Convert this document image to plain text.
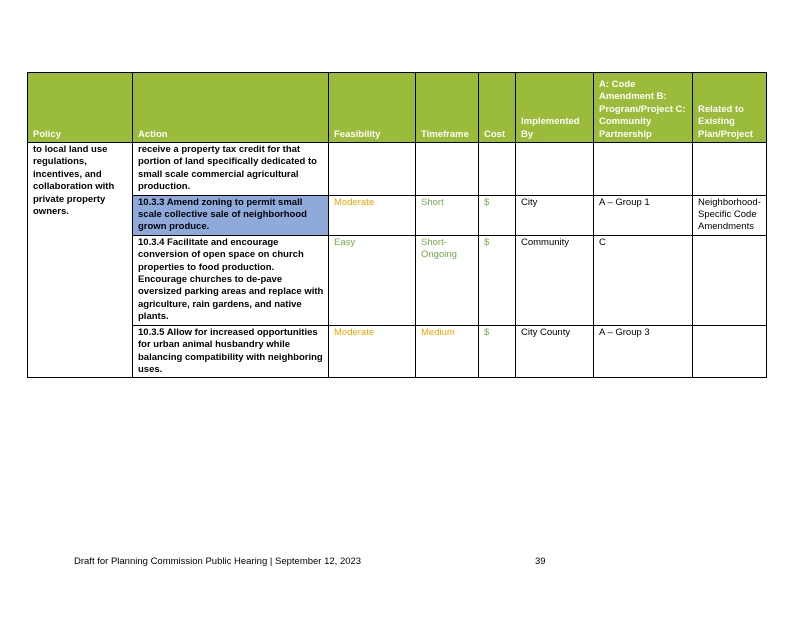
Policy	Action	Feasibility	Timeframe	Cost	Implemented By	A: Code Amendment B: Program/Project C: Community Partnership	Related to Existing Plan/Project
to local land use regulations, incentives, and collaboration with private property owners.	receive a property tax credit for that portion of land specifically dedicated to small scale commercial agricultural production.						
	10.3.3 Amend zoning to permit small scale collective sale of neighborhood grown produce.	Moderate	Short	$	City	A – Group 1	Neighborhood-Specific Code Amendments
	10.3.4 Facilitate and encourage conversion of open space on church properties to food production. Encourage churches to de-pave oversized parking areas and replace with agriculture, rain gardens, and native plants.	Easy	Short-Ongoing	$	Community	C	
	10.3.5 Allow for increased opportunities for urban animal husbandry while balancing compatibility with neighboring uses.	Moderate	Medium	$	City County	A – Group 3	
Draft for Planning Commission Public Hearing | September 12, 2023	39
